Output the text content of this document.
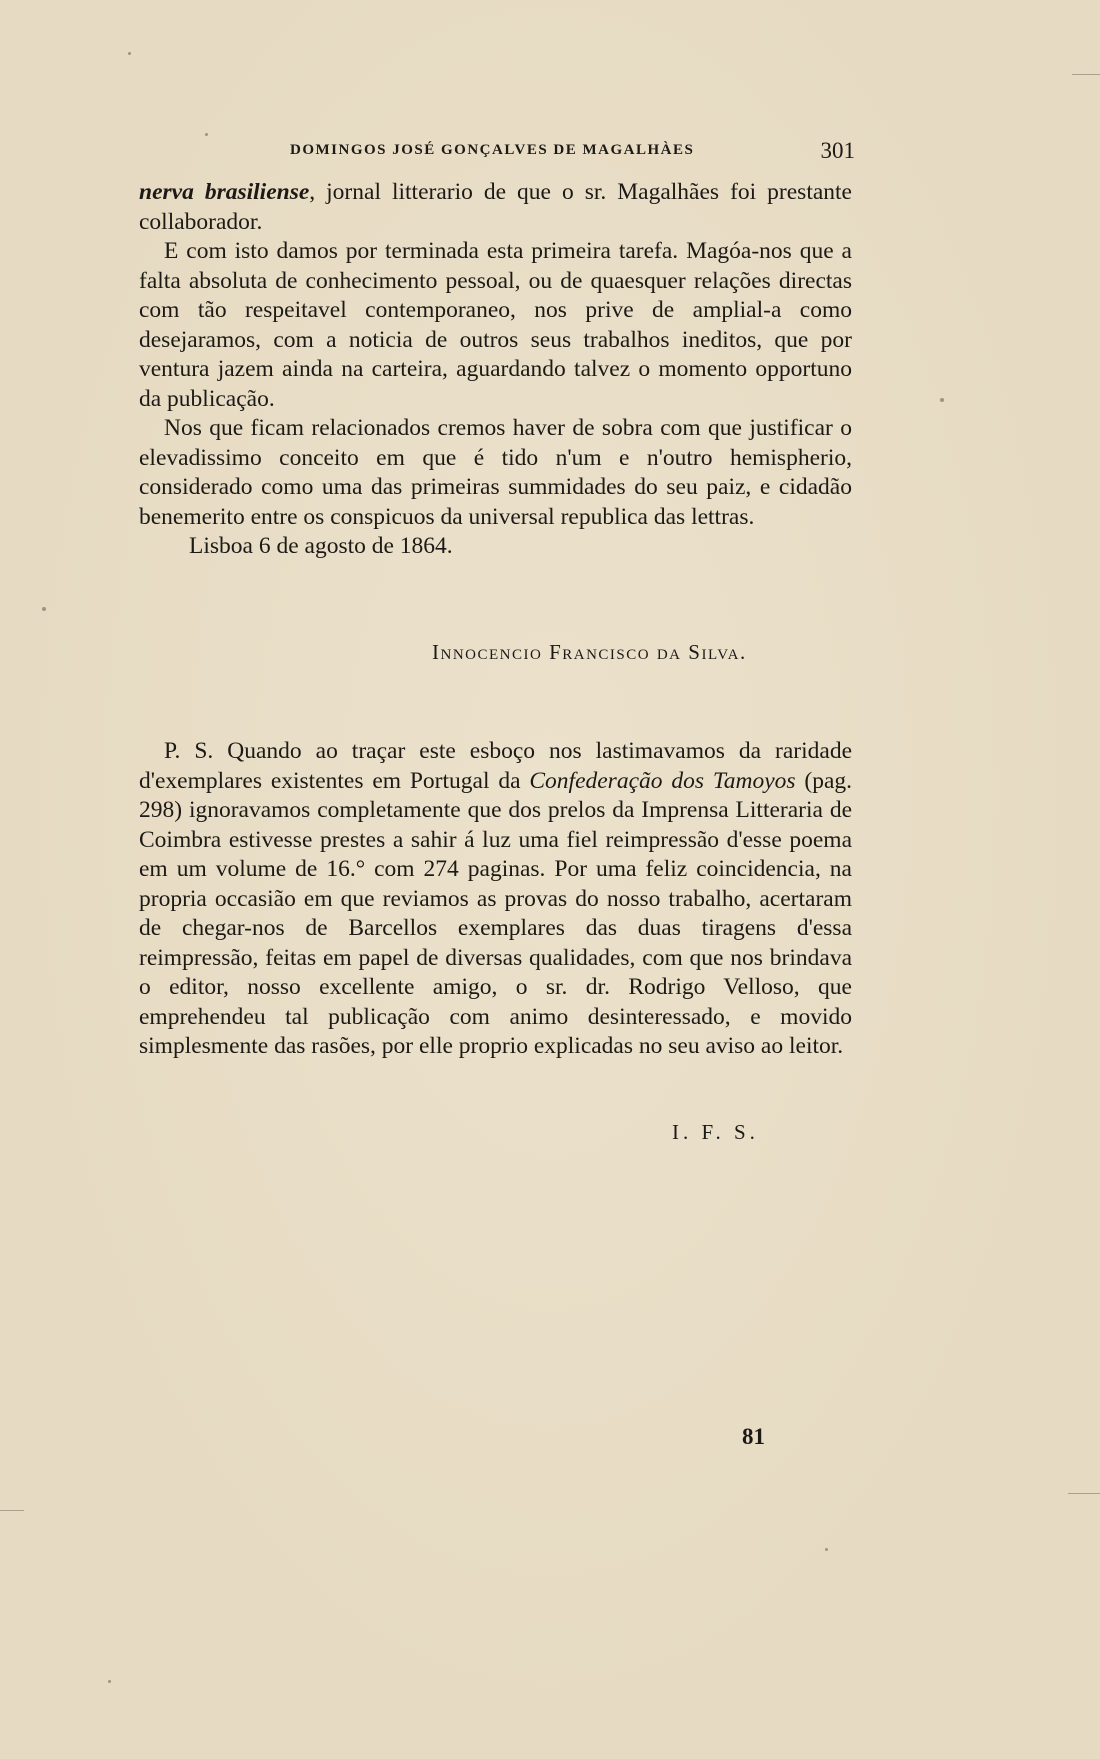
DOMINGOS JOSÉ GONÇALVES DE MAGALHÀES	301

nerva brasiliense, jornal litterario de que o sr. Magalhães foi prestante collaborador.

E com isto damos por terminada esta primeira tarefa. Magóa-nos que a falta absoluta de conhecimento pessoal, ou de quaesquer relações directas com tão respeitavel contemporaneo, nos prive de amplial-a como desejaramos, com a noticia de outros seus trabalhos ineditos, que por ventura jazem ainda na carteira, aguardando talvez o momento opportuno da publicação.

Nos que ficam relacionados cremos haver de sobra com que justificar o elevadissimo conceito em que é tido n'um e n'outro hemispherio, considerado como uma das primeiras summidades do seu paiz, e cidadão benemerito entre os conspicuos da universal republica das lettras.

Lisboa 6 de agosto de 1864.

Innocencio Francisco da Silva.

P. S. Quando ao traçar este esboço nos lastimavamos da raridade d'exemplares existentes em Portugal da Confederação dos Tamoyos (pag. 298) ignoravamos completamente que dos prelos da Imprensa Litteraria de Coimbra estivesse prestes a sahir á luz uma fiel reimpressão d'esse poema em um volume de 16.° com 274 paginas. Por uma feliz coincidencia, na propria occasião em que reviamos as provas do nosso trabalho, acertaram de chegar-nos de Barcellos exemplares das duas tiragens d'essa reimpressão, feitas em papel de diversas qualidades, com que nos brindava o editor, nosso excellente amigo, o sr. dr. Rodrigo Velloso, que emprehendeu tal publicação com animo desinteressado, e movido simplesmente das rasões, por elle proprio explicadas no seu aviso ao leitor.

I. F. S.
81
